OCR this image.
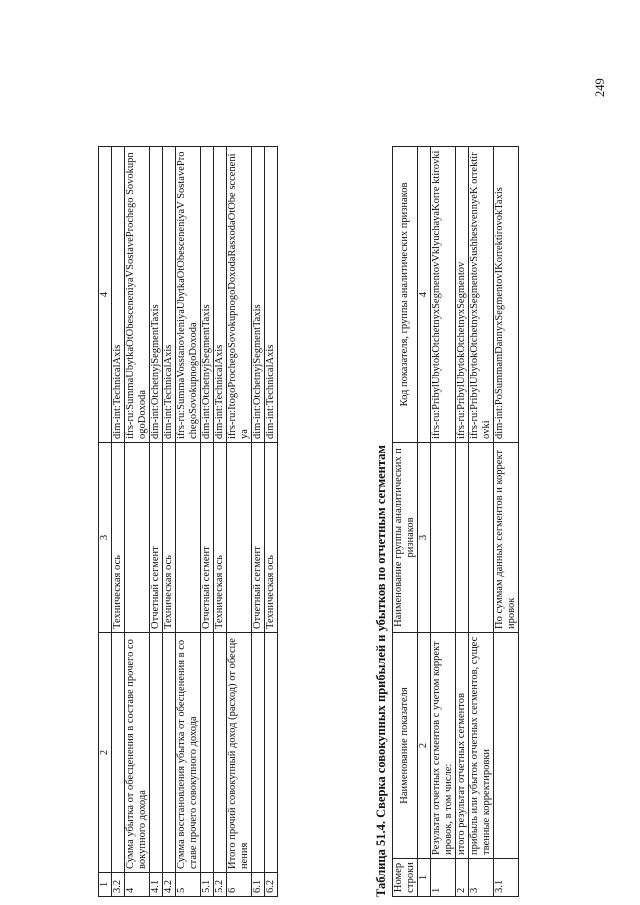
1	2	3	4
3.2		Техническая ось	dim-int:TechnicalAxis
4	Сумма убытка от обесценения в составе прочего совокупного дохода		ifrs-ru:SummaUbytkaOtObesceneniyaVSostaveProchego SovokupnogoDoxoda
4.1		Отчетный сегмент	dim-int:OtchetnyjSegmentTaxis
4.2		Техническая ось	dim-int:TechnicalAxis
5	Сумма восстановления убытка от обесценения в составе прочего совокупного дохода		ifrs-ru:SummaVosstanovleniyaUbytkaOtObesceneniyaV SostaveProchegoSovokupnogoDoxoda
5.1		Отчетный сегмент	dim-int:OtchetnyjSegmentTaxis
5.2		Техническая ось	dim-int:TechnicalAxis
6	Итого прочий совокупный доход (расход) от обесценения		ifrs-ru:ItogoProchegoSovokupnogoDoxodaRasxodaOtObe scceneniya
6.1		Отчетный сегмент	dim-int:OtchetnyjSegmentTaxis
6.2		Техническая ось	dim-int:TechnicalAxis
Таблица 51.4. Сверка совокупных прибылей и убытков по отчетным сегментам Номер строки	Наименование показателя	Наименование группы аналитических признаков	Код показателя, группы аналитических признаков
1	2	3	4
1	Результат отчетных сегментов с учетом корректировок, в том числе:		ifrs-ru:PribylUbytokOtchetnyxSegmentovVklyuchayaKorre ktirovki
2	итого результат отчетных сегментов		ifrs-ru:PribylUbytokOtchetnyxSegmentov
3	прибыль или убыток отчетных сегментов, существенные корректировки		ifrs-ru:PribylUbytokOtchetnyxSegmentovSushhestvennyeK orrektirovki
3.1		По суммам данных сегментов и корректировок	dim-int:PoSummamDannyxSegmentovIKorrektirovokTaxis
249
